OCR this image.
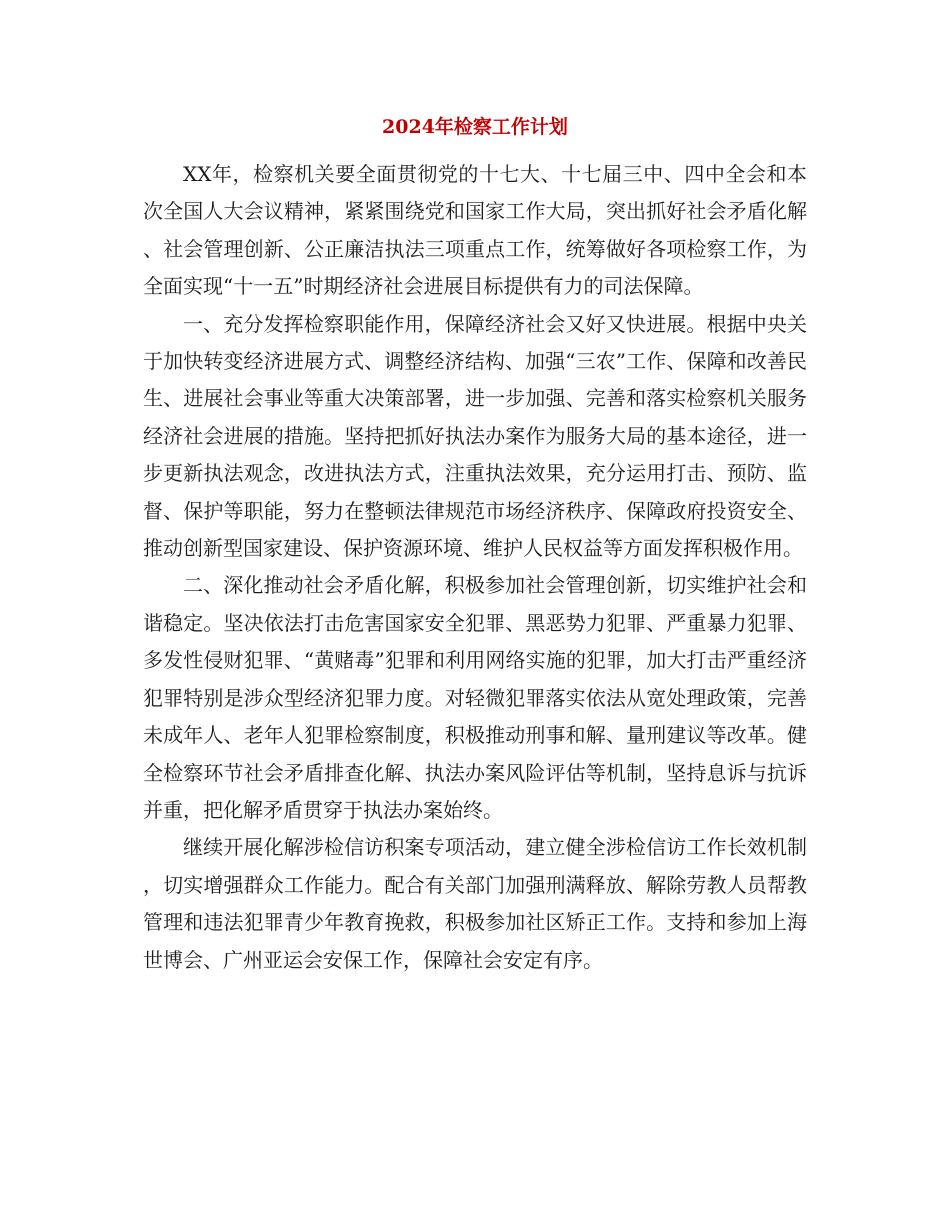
2024年检察工作计划

XX年，检察机关要全面贯彻党的十七大、十七届三中、四中全会和本次全国人大会议精神，紧紧围绕党和国家工作大局，突出抓好社会矛盾化解、社会管理创新、公正廉洁执法三项重点工作，统筹做好各项检察工作，为全面实现“十一五”时期经济社会进展目标提供有力的司法保障。

一、充分发挥检察职能作用，保障经济社会又好又快进展。根据中央关于加快转变经济进展方式、调整经济结构、加强“三农”工作、保障和改善民生、进展社会事业等重大决策部署，进一步加强、完善和落实检察机关服务经济社会进展的措施。坚持把抓好执法办案作为服务大局的基本途径，进一步更新执法观念，改进执法方式，注重执法效果，充分运用打击、预防、监督、保护等职能，努力在整顿法律规范市场经济秩序、保障政府投资安全、推动创新型国家建设、保护资源环境、维护人民权益等方面发挥积极作用。

二、深化推动社会矛盾化解，积极参加社会管理创新，切实维护社会和谐稳定。坚决依法打击危害国家安全犯罪、黑恶势力犯罪、严重暴力犯罪、多发性侵财犯罪、“黄赌毒”犯罪和利用网络实施的犯罪，加大打击严重经济犯罪特别是涉众型经济犯罪力度。对轻微犯罪落实依法从宽处理政策，完善未成年人、老年人犯罪检察制度，积极推动刑事和解、量刑建议等改革。健全检察环节社会矛盾排查化解、执法办案风险评估等机制，坚持息诉与抗诉并重，把化解矛盾贯穿于执法办案始终。

继续开展化解涉检信访积案专项活动，建立健全涉检信访工作长效机制，切实增强群众工作能力。配合有关部门加强刑满释放、解除劳教人员帮教管理和违法犯罪青少年教育挽救，积极参加社区矫正工作。支持和参加上海世博会、广州亚运会安保工作，保障社会安定有序。
